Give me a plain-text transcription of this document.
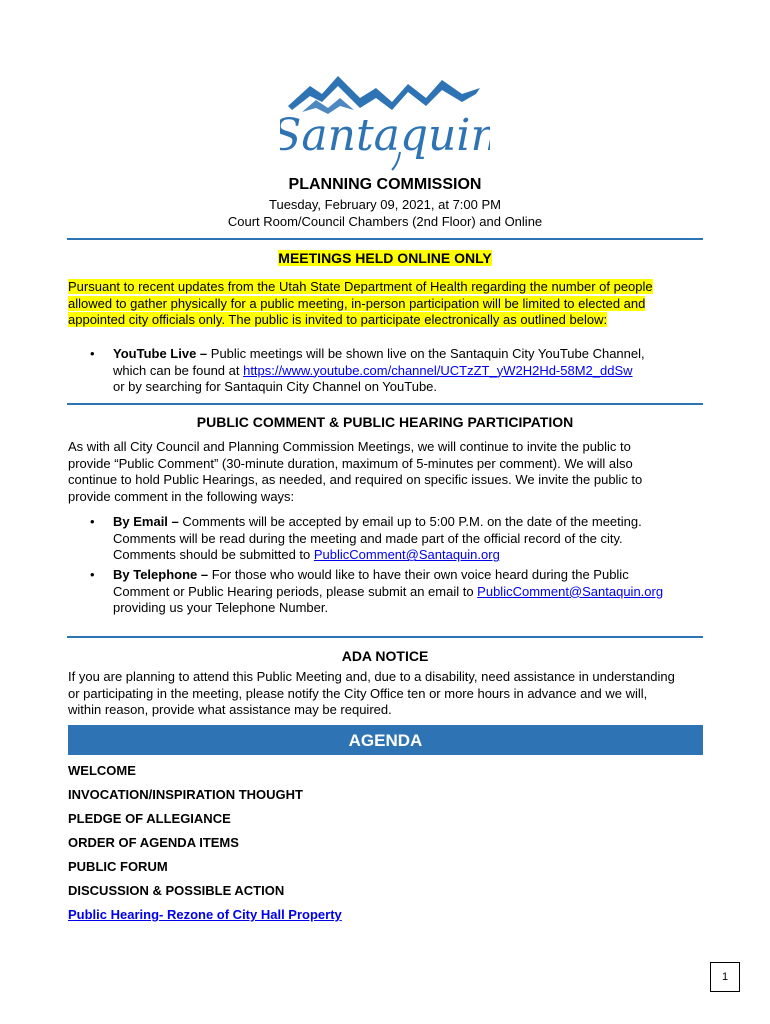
Santaquin
PLANNING COMMISSION
Tuesday, February 09, 2021, at 7:00 PM
Court Room/Council Chambers (2nd Floor) and Online
MEETINGS HELD ONLINE ONLY

Pursuant to recent updates from the Utah State Department of Health regarding the number of people

allowed to gather physically for a public meeting, in-person participation will be limited to elected and

appointed city officials only. The public is invited to participate electronically as outlined below:

• YouTube Live – Public meetings will be shown live on the Santaquin City YouTube Channel,

which can be found at https://www.youtube.com/channel/UCTzZT_yW2H2Hd-58M2_ddSw

or by searching for Santaquin City Channel on YouTube.

PUBLIC COMMENT & PUBLIC HEARING PARTICIPATION

As with all City Council and Planning Commission Meetings, we will continue to invite the public to

provide “Public Comment” (30-minute duration, maximum of 5-minutes per comment). We will also

continue to hold Public Hearings, as needed, and required on specific issues. We invite the public to

provide comment in the following ways:

• By Email – Comments will be accepted by email up to 5:00 P.M. on the date of the meeting.

Comments will be read during the meeting and made part of the official record of the city.

Comments should be submitted to PublicComment@Santaquin.org

• By Telephone – For those who would like to have their own voice heard during the Public

Comment or Public Hearing periods, please submit an email to PublicComment@Santaquin.org

providing us your Telephone Number.

ADA NOTICE

If you are planning to attend this Public Meeting and, due to a disability, need assistance in understanding

or participating in the meeting, please notify the City Office ten or more hours in advance and we will,

within reason, provide what assistance may be required.

AGENDA
WELCOME
INVOCATION/INSPIRATION THOUGHT
PLEDGE OF ALLEGIANCE
ORDER OF AGENDA ITEMS
PUBLIC FORUM
DISCUSSION & POSSIBLE ACTION
Public Hearing- Rezone of City Hall Property
1
